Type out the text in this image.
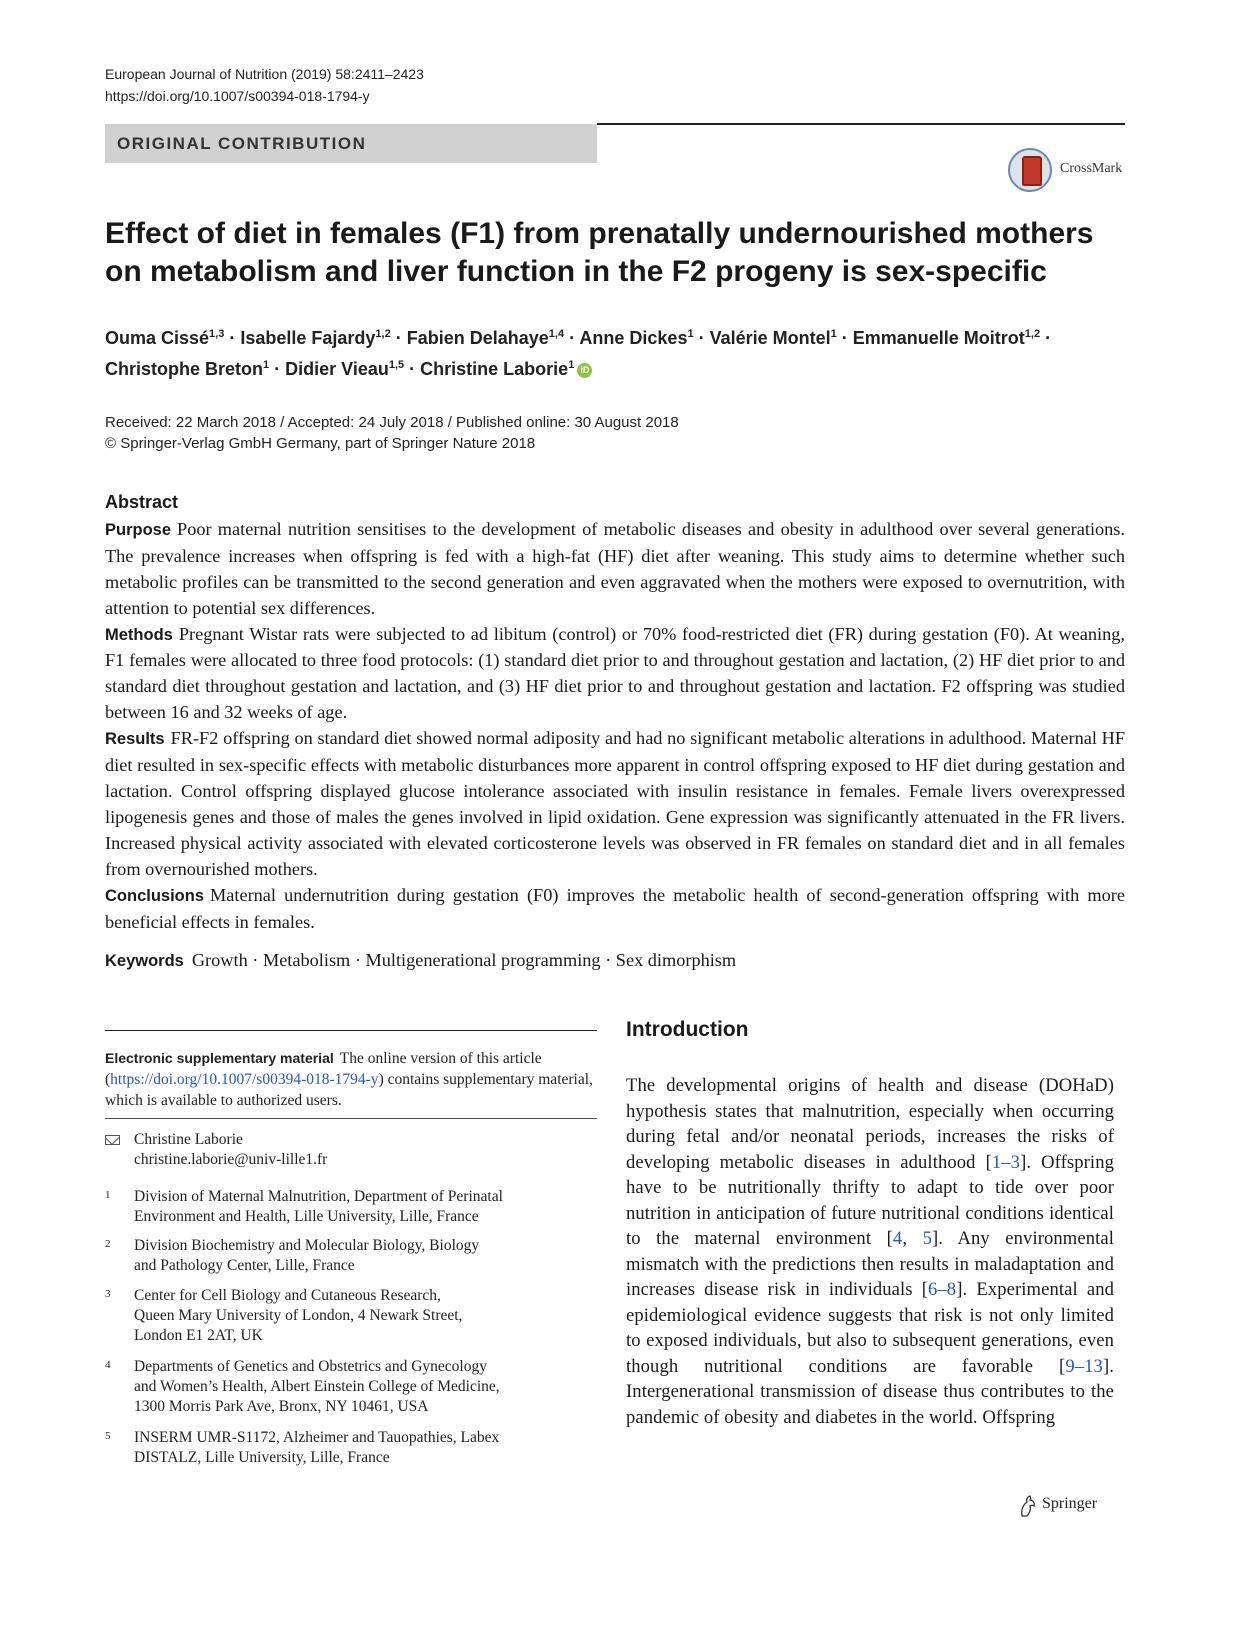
European Journal of Nutrition (2019) 58:2411–2423
https://doi.org/10.1007/s00394-018-1794-y
ORIGINAL CONTRIBUTION
CrossMark
Effect of diet in females (F1) from prenatally undernourished mothers
on metabolism and liver function in the F2 progeny is sex-specific
Ouma Cissé$^{1,3}$ · Isabelle Fajardy$^{1,2}$ · Fabien Delahaye$^{1,4}$ · Anne Dickes$^1$ · Valérie Montel$^1$ · Emmanuelle Moitrot$^{1,2}$ ·
Christophe Breton$^1$ · Didier Vieau$^{1,5}$ · Christine Laborie$^1$ iD
Received: 22 March 2018 / Accepted: 24 July 2018 / Published online: 30 August 2018
© Springer-Verlag GmbH Germany, part of Springer Nature 2018
Abstract

Purpose Poor maternal nutrition sensitises to the development of metabolic diseases and obesity in adulthood over several generations. The prevalence increases when offspring is fed with a high-fat (HF) diet after weaning. This study aims to determine whether such metabolic profiles can be transmitted to the second generation and even aggravated when the mothers were exposed to overnutrition, with attention to potential sex differences.

Methods Pregnant Wistar rats were subjected to ad libitum (control) or 70% food-restricted diet (FR) during gestation (F0). At weaning, F1 females were allocated to three food protocols: (1) standard diet prior to and throughout gestation and lactation, (2) HF diet prior to and standard diet throughout gestation and lactation, and (3) HF diet prior to and throughout gestation and lactation. F2 offspring was studied between 16 and 32 weeks of age.

Results FR-F2 offspring on standard diet showed normal adiposity and had no significant metabolic alterations in adulthood. Maternal HF diet resulted in sex-specific effects with metabolic disturbances more apparent in control offspring exposed to HF diet during gestation and lactation. Control offspring displayed glucose intolerance associated with insulin resistance in females. Female livers overexpressed lipogenesis genes and those of males the genes involved in lipid oxidation. Gene expression was significantly attenuated in the FR livers. Increased physical activity associated with elevated corticosterone levels was observed in FR females on standard diet and in all females from overnourished mothers.

Conclusions Maternal undernutrition during gestation (F0) improves the metabolic health of second-generation offspring with more beneficial effects in females.

Keywords Growth · Metabolism · Multigenerational programming · Sex dimorphism
Electronic supplementary material The online version of this article (https://doi.org/10.1007/s00394-018-1794-y) contains supplementary material, which is available to authorized users.
Christine Laborie
christine.laborie@univ-lille1.fr
1 Division of Maternal Malnutrition, Department of Perinatal
Environment and Health, Lille University, Lille, France
2 Division Biochemistry and Molecular Biology, Biology
and Pathology Center, Lille, France
3 Center for Cell Biology and Cutaneous Research,
Queen Mary University of London, 4 Newark Street,
London E1 2AT, UK
4 Departments of Genetics and Obstetrics and Gynecology
and Women’s Health, Albert Einstein College of Medicine,
1300 Morris Park Ave, Bronx, NY 10461, USA
5 INSERM UMR-S1172, Alzheimer and Tauopathies, Labex
DISTALZ, Lille University, Lille, France
Introduction
The developmental origins of health and disease (DOHaD) hypothesis states that malnutrition, especially when occurring during fetal and/or neonatal periods, increases the risks of developing metabolic diseases in adulthood [1–3]. Offspring have to be nutritionally thrifty to adapt to tide over poor nutrition in anticipation of future nutritional conditions identical to the maternal environment [4, 5]. Any environmental mismatch with the predictions then results in maladaptation and increases disease risk in individuals [6–8]. Experimental and epidemiological evidence suggests that risk is not only limited to exposed individuals, but also to subsequent generations, even though nutritional conditions are favorable [9–13]. Intergenerational transmission of disease thus contributes to the pandemic of obesity and diabetes in the world. Offspring
Springer
